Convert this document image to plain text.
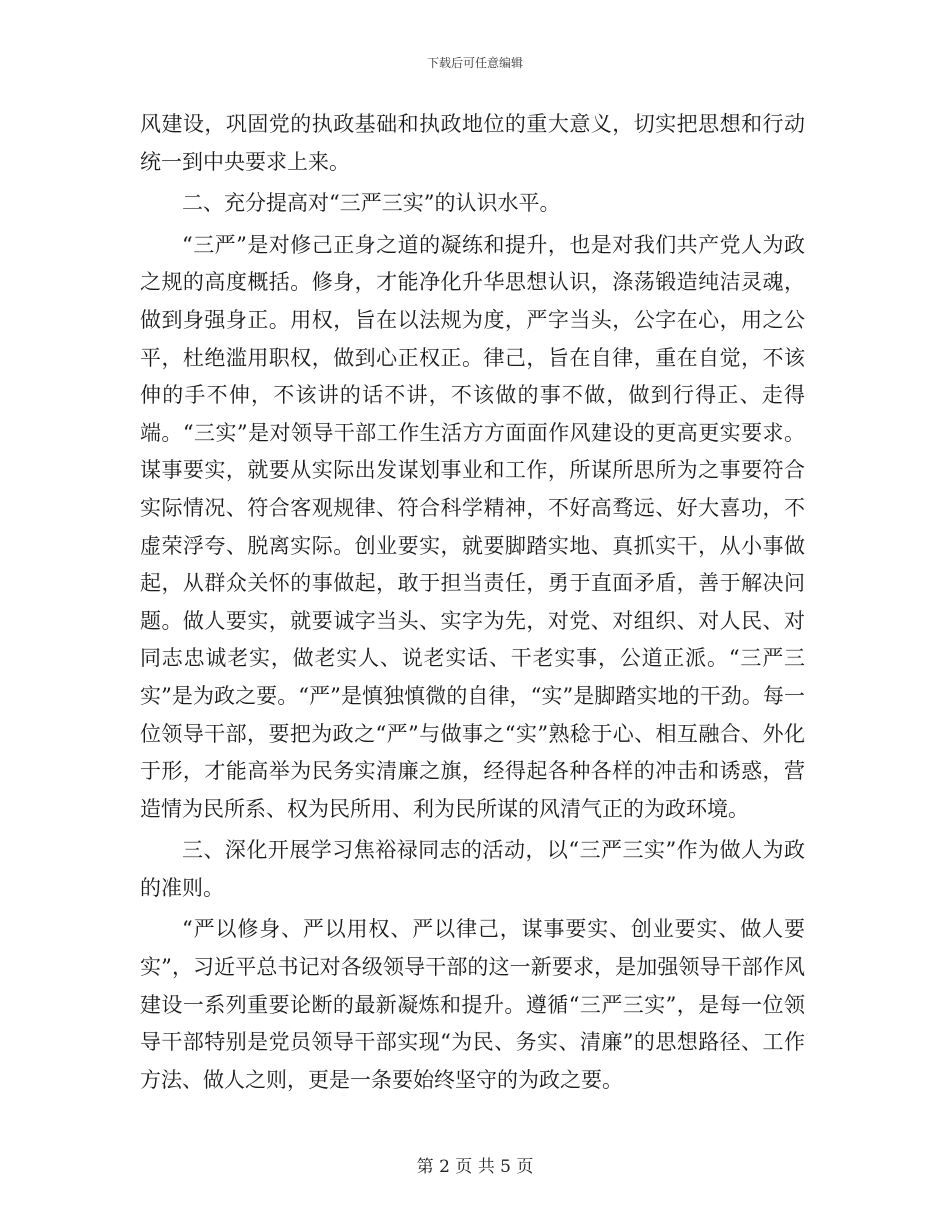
下载后可任意编辑

风建设，巩固党的执政基础和执政地位的重大意义，切实把思想和行动统一到中央要求上来。

二、充分提高对“三严三实”的认识水平。

“三严”是对修己正身之道的凝练和提升，也是对我们共产党人为政之规的高度概括。修身，才能净化升华思想认识，涤荡锻造纯洁灵魂，做到身强身正。用权，旨在以法规为度，严字当头，公字在心，用之公平，杜绝滥用职权，做到心正权正。律己，旨在自律，重在自觉，不该伸的手不伸，不该讲的话不讲，不该做的事不做，做到行得正、走得端。“三实”是对领导干部工作生活方方面面作风建设的更高更实要求。谋事要实，就要从实际出发谋划事业和工作，所谋所思所为之事要符合实际情况、符合客观规律、符合科学精神，不好高骛远、好大喜功，不虚荣浮夸、脱离实际。创业要实，就要脚踏实地、真抓实干，从小事做起，从群众关怀的事做起，敢于担当责任，勇于直面矛盾，善于解决问题。做人要实，就要诚字当头、实字为先，对党、对组织、对人民、对同志忠诚老实，做老实人、说老实话、干老实事，公道正派。“三严三实”是为政之要。“严”是慎独慎微的自律，“实”是脚踏实地的干劲。每一位领导干部，要把为政之“严”与做事之“实”熟稔于心、相互融合、外化于形，才能高举为民务实清廉之旗，经得起各种各样的冲击和诱惑，营造情为民所系、权为民所用、利为民所谋的风清气正的为政环境。

三、深化开展学习焦裕禄同志的活动，以“三严三实”作为做人为政的准则。

“严以修身、严以用权、严以律己，谋事要实、创业要实、做人要实”，习近平总书记对各级领导干部的这一新要求，是加强领导干部作风建设一系列重要论断的最新凝炼和提升。遵循“三严三实”，是每一位领导干部特别是党员领导干部实现“为民、务实、清廉”的思想路径、工作方法、做人之则，更是一条要始终坚守的为政之要。

第 2 页 共 5 页
